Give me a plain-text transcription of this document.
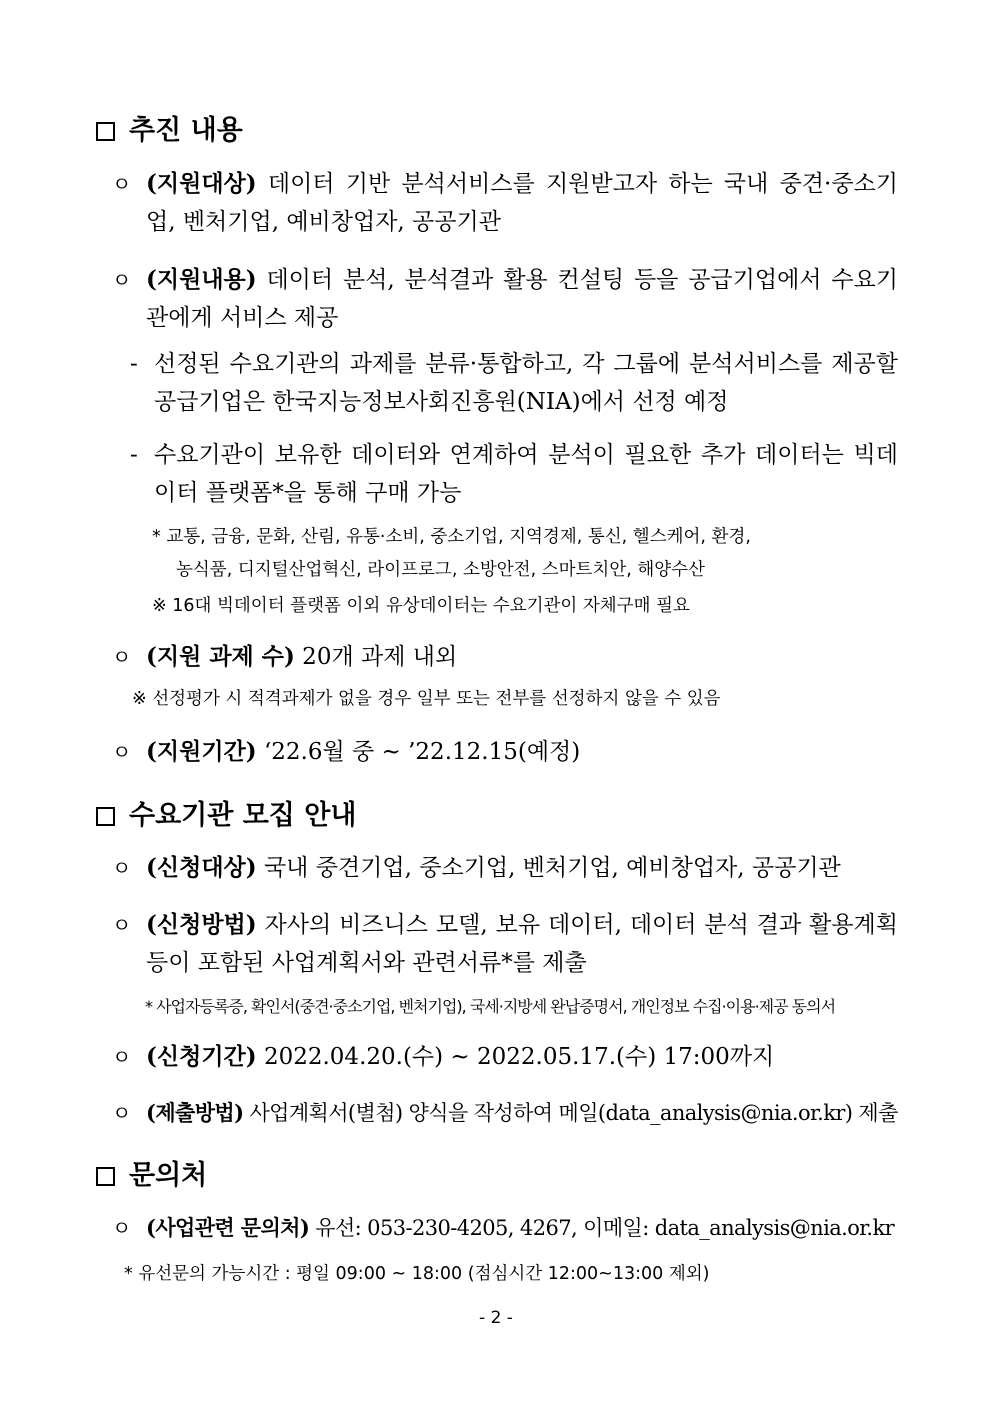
추진 내용
ㅇ (지원대상) 데이터 기반 분석서비스를 지원받고자 하는 국내 중견·중소기업, 벤처기업, 예비창업자, 공공기관
ㅇ (지원내용) 데이터 분석, 분석결과 활용 컨설팅 등을 공급기업에서 수요기관에게 서비스 제공
- 선정된 수요기관의 과제를 분류·통합하고, 각 그룹에 분석서비스를 제공할 공급기업은 한국지능정보사회진흥원(NIA)에서 선정 예정
- 수요기관이 보유한 데이터와 연계하여 분석이 필요한 추가 데이터는 빅데이터 플랫폼*을 통해 구매 가능
* 교통, 금융, 문화, 산림, 유통·소비, 중소기업, 지역경제, 통신, 헬스케어, 환경,
농식품, 디지털산업혁신, 라이프로그, 소방안전, 스마트치안, 해양수산
※ 16대 빅데이터 플랫폼 이외 유상데이터는 수요기관이 자체구매 필요
ㅇ (지원 과제 수) 20개 과제 내외
※ 선정평가 시 적격과제가 없을 경우 일부 또는 전부를 선정하지 않을 수 있음
ㅇ (지원기간) ‘22.6월 중 ~ ’22.12.15(예정)
수요기관 모집 안내
ㅇ (신청대상) 국내 중견기업, 중소기업, 벤처기업, 예비창업자, 공공기관
ㅇ (신청방법) 자사의 비즈니스 모델, 보유 데이터, 데이터 분석 결과 활용계획 등이 포함된 사업계획서와 관련서류*를 제출
* 사업자등록증, 확인서(중견·중소기업, 벤처기업), 국세·지방세 완납증명서, 개인정보 수집·이용·제공 동의서
ㅇ (신청기간) 2022.04.20.(수) ~ 2022.05.17.(수) 17:00까지
ㅇ (제출방법) 사업계획서(별첨) 양식을 작성하여 메일(data_analysis@nia.or.kr) 제출
문의처
ㅇ (사업관련 문의처) 유선: 053-230-4205, 4267, 이메일: data_analysis@nia.or.kr
* 유선문의 가능시간 : 평일 09:00 ~ 18:00 (점심시간 12:00~13:00 제외)
- 2 -
